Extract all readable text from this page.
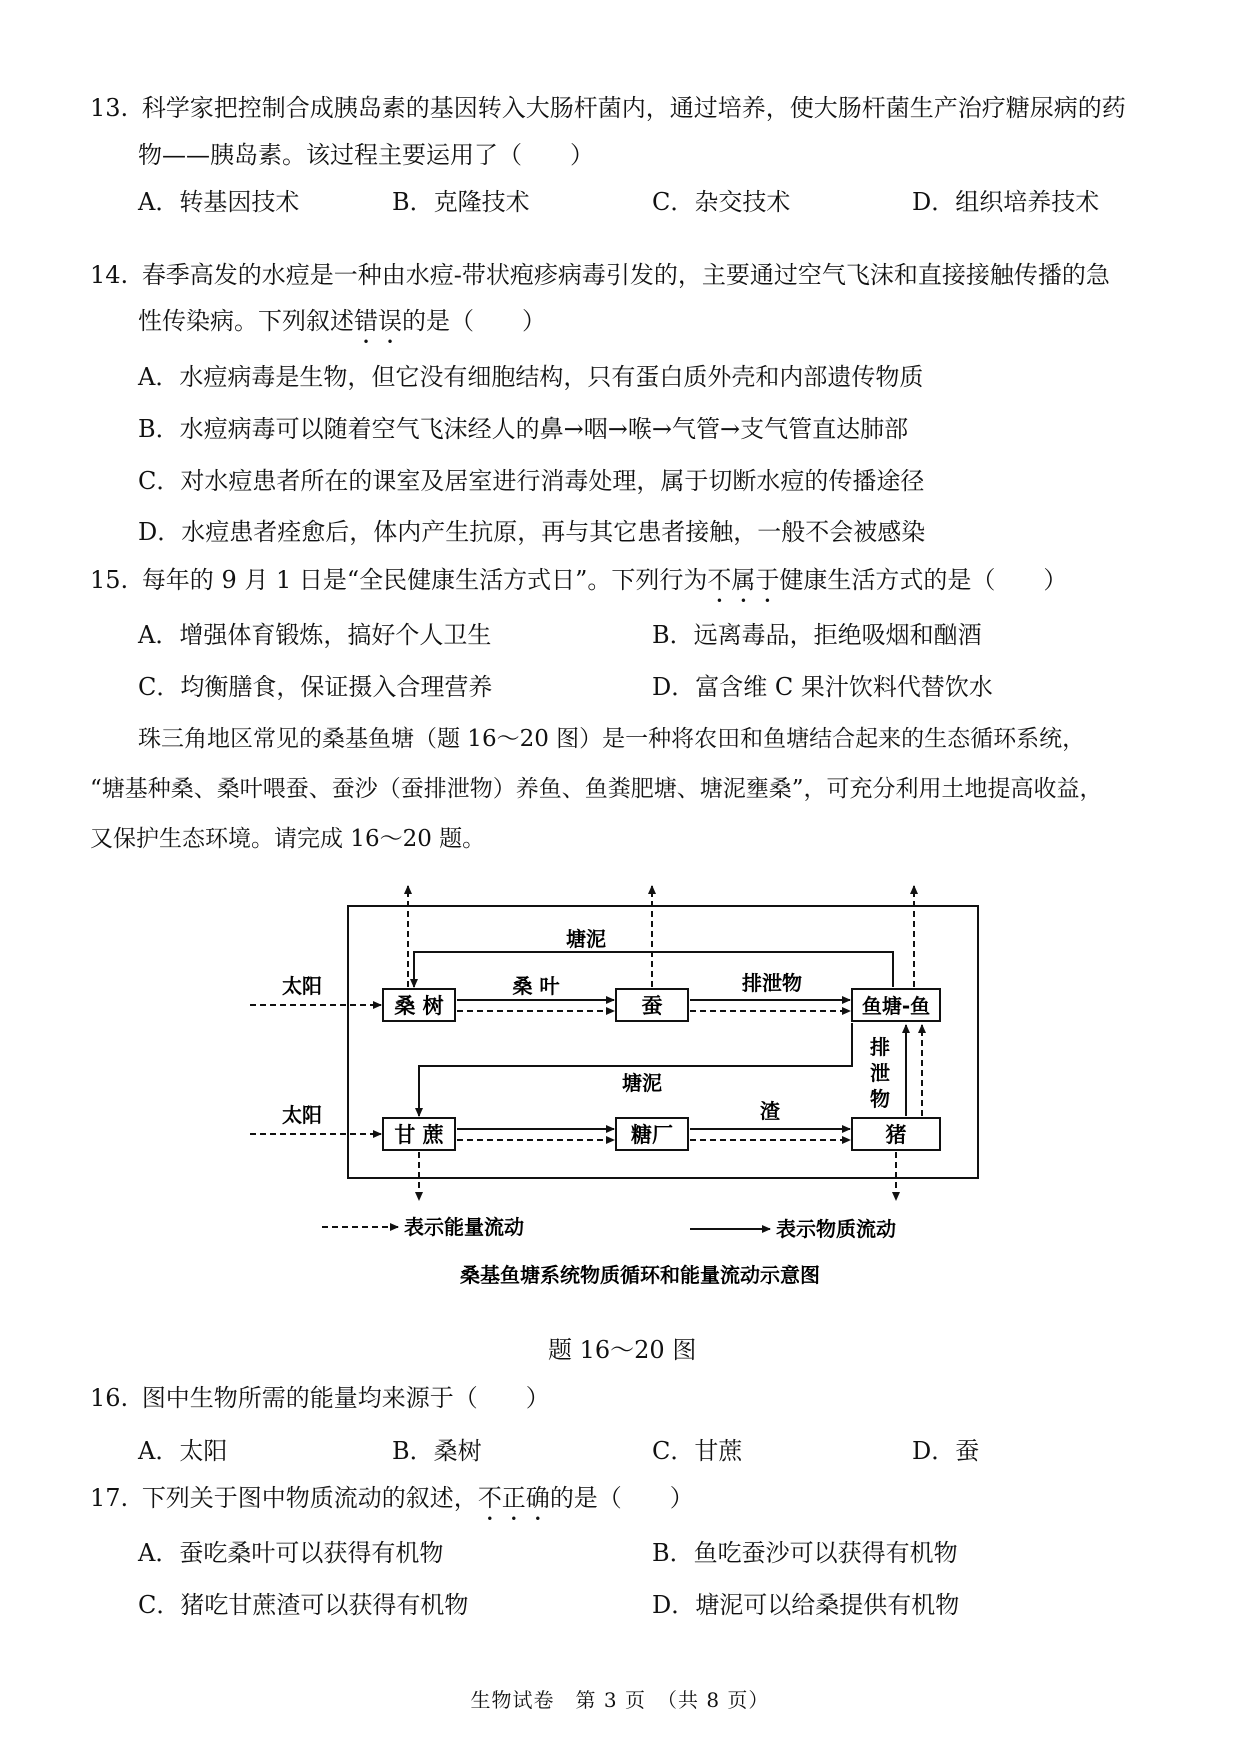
13. 科学家把控制合成胰岛素的基因转入大肠杆菌内，通过培养，使大肠杆菌生产治疗糖尿病的药
物——胰岛素。该过程主要运用了（　　）
A．转基因技术	B．克隆技术	C．杂交技术	D．组织培养技术
14. 春季高发的水痘是一种由水痘-带状疱疹病毒引发的，主要通过空气飞沫和直接接触传播的急
性传染病。下列叙述错误的是（　　）
A．水痘病毒是生物，但它没有细胞结构，只有蛋白质外壳和内部遗传物质
B．水痘病毒可以随着空气飞沫经人的鼻→咽→喉→气管→支气管直达肺部
C．对水痘患者所在的课室及居室进行消毒处理，属于切断水痘的传播途径
D．水痘患者痊愈后，体内产生抗原，再与其它患者接触，一般不会被感染
15. 每年的 9 月 1 日是“全民健康生活方式日”。下列行为不属于健康生活方式的是（　　）
A．增强体育锻炼，搞好个人卫生	B．远离毒品，拒绝吸烟和酗酒
C．均衡膳食，保证摄入合理营养	D．富含维 C 果汁饮料代替饮水
珠三角地区常见的桑基鱼塘（题 16～20 图）是一种将农田和鱼塘结合起来的生态循环系统，
“塘基种桑、桑叶喂蚕、蚕沙（蚕排泄物）养鱼、鱼粪肥塘、塘泥壅桑”，可充分利用土地提高收益，
又保护生态环境。请完成 16～20 题。
桑 树	蚕	鱼塘-鱼
甘 蔗	糖厂	猪
太阳
太阳
桑 叶	排泄物
塘泥
塘泥
渣
排
泄
物
表示能量流动	表示物质流动
桑基鱼塘系统物质循环和能量流动示意图
题 16～20 图
16. 图中生物所需的能量均来源于（　　）
A．太阳	B．桑树	C．甘蔗	D．蚕
17. 下列关于图中物质流动的叙述，不正确的是（　　）
A．蚕吃桑叶可以获得有机物	B．鱼吃蚕沙可以获得有机物
C．猪吃甘蔗渣可以获得有机物	D．塘泥可以给桑提供有机物
生物试卷　第 3 页　（共 8 页）
